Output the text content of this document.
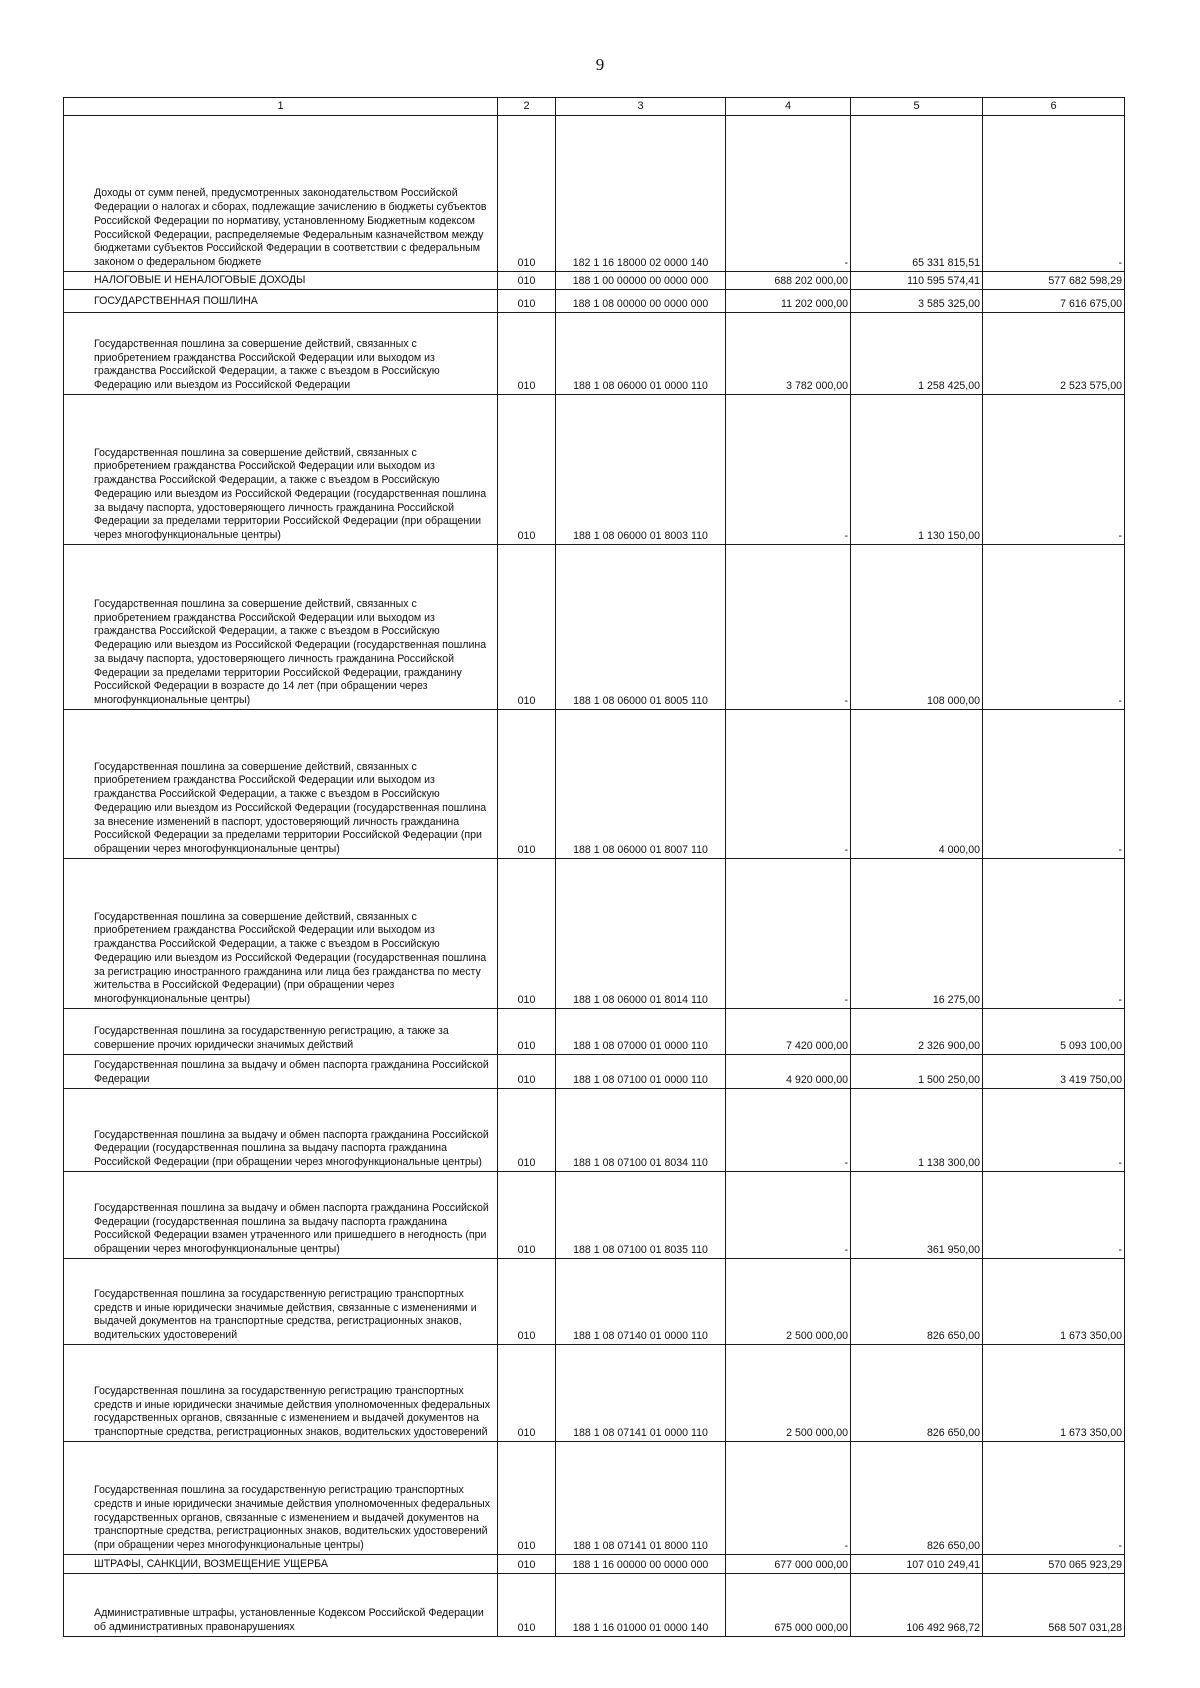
9
1	2	3	4	5	6
Доходы от сумм пеней, предусмотренных законодательством Российской Федерации о налогах и сборах, подлежащие зачислению в бюджеты субъектов Российской Федерации по нормативу, установленному Бюджетным кодексом Российской Федерации, распределяемые Федеральным казначейством между бюджетами субъектов Российской Федерации в соответствии с федеральным законом о федеральном бюджете	010	182 1 16 18000 02 0000 140	-	65 331 815,51	-
НАЛОГОВЫЕ И НЕНАЛОГОВЫЕ ДОХОДЫ	010	188 1 00 00000 00 0000 000	688 202 000,00	110 595 574,41	577 682 598,29
ГОСУДАРСТВЕННАЯ ПОШЛИНА	010	188 1 08 00000 00 0000 000	11 202 000,00	3 585 325,00	7 616 675,00
Государственная пошлина за совершение действий, связанных с приобретением гражданства Российской Федерации или выходом из гражданства Российской Федерации, а также с въездом в Российскую Федерацию или выездом из Российской Федерации	010	188 1 08 06000 01 0000 110	3 782 000,00	1 258 425,00	2 523 575,00
Государственная пошлина за совершение действий, связанных с приобретением гражданства Российской Федерации или выходом из гражданства Российской Федерации, а также с въездом в Российскую Федерацию или выездом из Российской Федерации (государственная пошлина за выдачу паспорта, удостоверяющего личность гражданина Российской Федерации за пределами территории Российской Федерации (при обращении через многофункциональные центры)	010	188 1 08 06000 01 8003 110	-	1 130 150,00	-
Государственная пошлина за совершение действий, связанных с приобретением гражданства Российской Федерации или выходом из гражданства Российской Федерации, а также с въездом в Российскую Федерацию или выездом из Российской Федерации (государственная пошлина за выдачу паспорта, удостоверяющего личность гражданина Российской Федерации за пределами территории Российской Федерации, гражданину Российской Федерации в возрасте до 14 лет (при обращении через многофункциональные центры)	010	188 1 08 06000 01 8005 110	-	108 000,00	-
Государственная пошлина за совершение действий, связанных с приобретением гражданства Российской Федерации или выходом из гражданства Российской Федерации, а также с въездом в Российскую Федерацию или выездом из Российской Федерации (государственная пошлина за внесение изменений в паспорт, удостоверяющий личность гражданина Российской Федерации за пределами территории Российской Федерации (при обращении через многофункциональные центры)	010	188 1 08 06000 01 8007 110	-	4 000,00	-
Государственная пошлина за совершение действий, связанных с приобретением гражданства Российской Федерации или выходом из гражданства Российской Федерации, а также с въездом в Российскую Федерацию или выездом из Российской Федерации (государственная пошлина за регистрацию иностранного гражданина или лица без гражданства по месту жительства в Российской Федерации) (при обращении через многофункциональные центры)	010	188 1 08 06000 01 8014 110	-	16 275,00	-
Государственная пошлина за государственную регистрацию, а также за совершение прочих юридически значимых действий	010	188 1 08 07000 01 0000 110	7 420 000,00	2 326 900,00	5 093 100,00
Государственная пошлина за выдачу и обмен паспорта гражданина Российской Федерации	010	188 1 08 07100 01 0000 110	4 920 000,00	1 500 250,00	3 419 750,00
Государственная пошлина за выдачу и обмен паспорта гражданина Российской Федерации (государственная пошлина за выдачу паспорта гражданина Российской Федерации (при обращении через многофункциональные центры)	010	188 1 08 07100 01 8034 110	-	1 138 300,00	-
Государственная пошлина за выдачу и обмен паспорта гражданина Российской Федерации (государственная пошлина за выдачу паспорта гражданина Российской Федерации взамен утраченного или пришедшего в негодность (при обращении через многофункциональные центры)	010	188 1 08 07100 01 8035 110	-	361 950,00	-
Государственная пошлина за государственную регистрацию транспортных средств и иные юридически значимые действия, связанные с изменениями и выдачей документов на транспортные средства, регистрационных знаков, водительских удостоверений	010	188 1 08 07140 01 0000 110	2 500 000,00	826 650,00	1 673 350,00
Государственная пошлина за государственную регистрацию транспортных средств и иные юридически значимые действия уполномоченных федеральных государственных органов, связанные с изменением и выдачей документов на транспортные средства, регистрационных знаков, водительских удостоверений	010	188 1 08 07141 01 0000 110	2 500 000,00	826 650,00	1 673 350,00
Государственная пошлина за государственную регистрацию транспортных средств и иные юридически значимые действия уполномоченных федеральных государственных органов, связанные с изменением и выдачей документов на транспортные средства, регистрационных знаков, водительских удостоверений (при обращении через многофункциональные центры)	010	188 1 08 07141 01 8000 110	-	826 650,00	-
ШТРАФЫ, САНКЦИИ, ВОЗМЕЩЕНИЕ УЩЕРБА	010	188 1 16 00000 00 0000 000	677 000 000,00	107 010 249,41	570 065 923,29
Административные штрафы, установленные Кодексом Российской Федерации об административных правонарушениях	010	188 1 16 01000 01 0000 140	675 000 000,00	106 492 968,72	568 507 031,28
